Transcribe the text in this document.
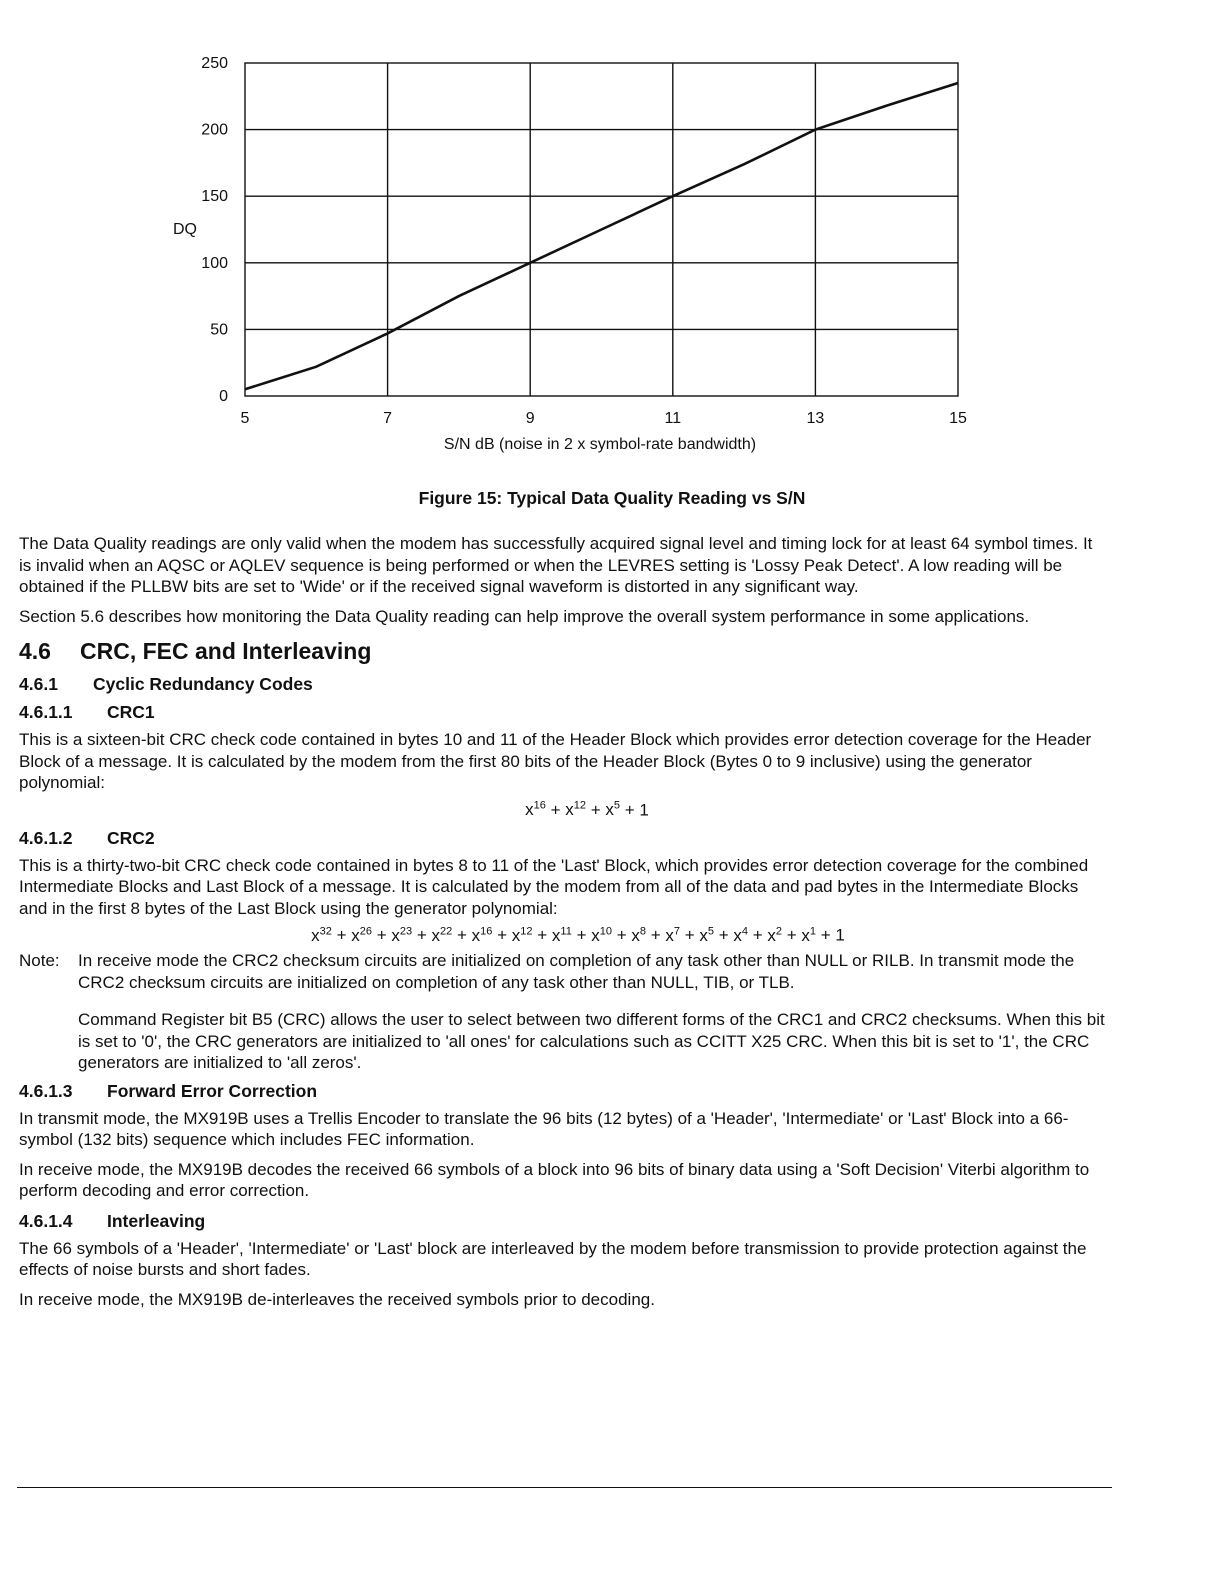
0
50
100
150
200
250
5	7	9	11	13	15
DQ
S/N dB (noise in 2 x symbol-rate bandwidth)
Figure 15: Typical Data Quality Reading vs S/N

The Data Quality readings are only valid when the modem has successfully acquired signal level and timing lock for at least 64 symbol times. It is invalid when an AQSC or AQLEV sequence is being performed or when the LEVRES setting is 'Lossy Peak Detect'. A low reading will be obtained if the PLLBW bits are set to 'Wide' or if the received signal waveform is distorted in any significant way.

Section 5.6 describes how monitoring the Data Quality reading can help improve the overall system performance in some applications.

4.6 CRC, FEC and Interleaving
4.6.1 Cyclic Redundancy Codes
4.6.1.1 CRC1

This is a sixteen-bit CRC check code contained in bytes 10 and 11 of the Header Block which provides error detection coverage for the Header Block of a message. It is calculated by the modem from the first 80 bits of the Header Block (Bytes 0 to 9 inclusive) using the generator polynomial:

$x^{16} + x^{12} + x^5 + 1$
4.6.1.2 CRC2

This is a thirty-two-bit CRC check code contained in bytes 8 to 11 of the 'Last' Block, which provides error detection coverage for the combined Intermediate Blocks and Last Block of a message. It is calculated by the modem from all of the data and pad bytes in the Intermediate Blocks and in the first 8 bytes of the Last Block using the generator polynomial:

$x^{32} + x^{26} + x^{23} + x^{22} + x^{16} + x^{12} + x^{11} + x^{10} + x^8 + x^7 + x^5 + x^4 + x^2 + x^1 + 1$
Note: In receive mode the CRC2 checksum circuits are initialized on completion of any task other than NULL or RILB. In transmit mode the CRC2 checksum circuits are initialized on completion of any task other than NULL, TIB, or TLB.
Command Register bit B5 (CRC) allows the user to select between two different forms of the CRC1 and CRC2 checksums. When this bit is set to '0', the CRC generators are initialized to 'all ones' for calculations such as CCITT X25 CRC. When this bit is set to '1', the CRC generators are initialized to 'all zeros'.
4.6.1.3 Forward Error Correction

In transmit mode, the MX919B uses a Trellis Encoder to translate the 96 bits (12 bytes) of a 'Header', 'Intermediate' or 'Last' Block into a 66-symbol (132 bits) sequence which includes FEC information.

In receive mode, the MX919B decodes the received 66 symbols of a block into 96 bits of binary data using a 'Soft Decision' Viterbi algorithm to perform decoding and error correction.

4.6.1.4 Interleaving

The 66 symbols of a 'Header', 'Intermediate' or 'Last' block are interleaved by the modem before transmission to provide protection against the effects of noise bursts and short fades.

In receive mode, the MX919B de-interleaves the received symbols prior to decoding.
